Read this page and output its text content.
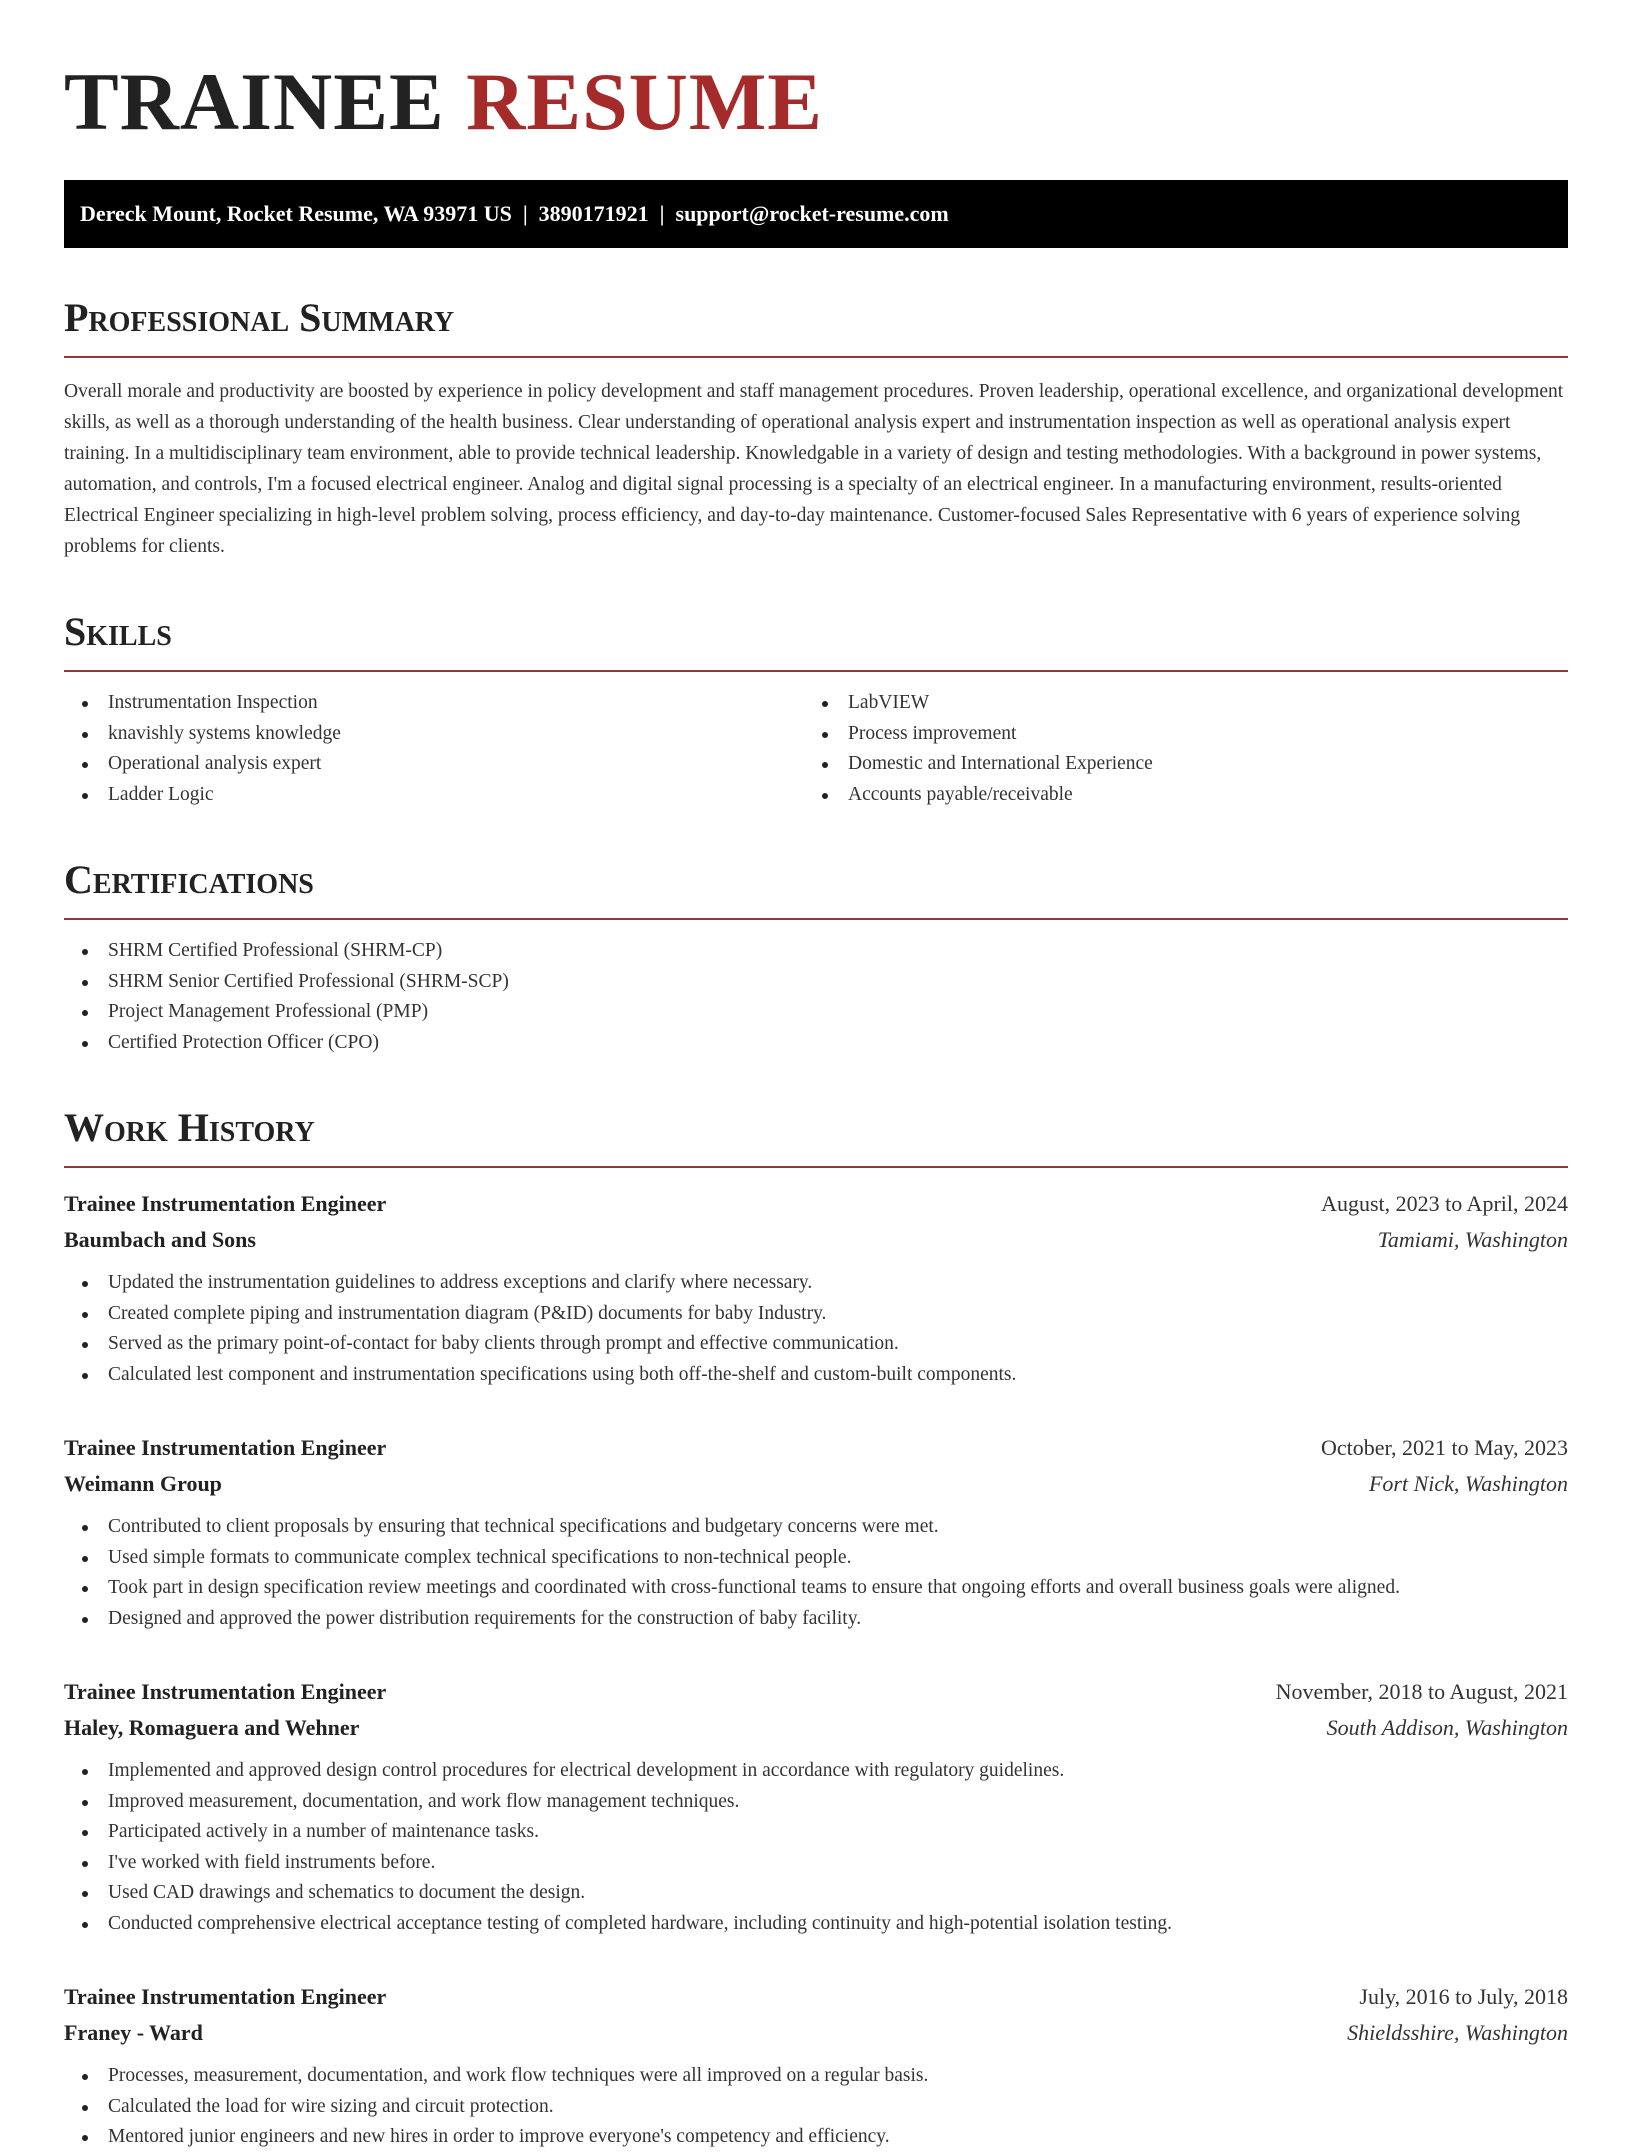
TRAINEE RESUME
Dereck Mount, Rocket Resume, WA 93971 US  |  3890171921  |  support@rocket-resume.com
Professional Summary

Overall morale and productivity are boosted by experience in policy development and staff management procedures. Proven leadership, operational excellence, and organizational development skills, as well as a thorough understanding of the health business. Clear understanding of operational analysis expert and instrumentation inspection as well as operational analysis expert training. In a multidisciplinary team environment, able to provide technical leadership. Knowledgable in a variety of design and testing methodologies. With a background in power systems, automation, and controls, I'm a focused electrical engineer. Analog and digital signal processing is a specialty of an electrical engineer. In a manufacturing environment, results-oriented Electrical Engineer specializing in high-level problem solving, process efficiency, and day-to-day maintenance. Customer-focused Sales Representative with 6 years of experience solving problems for clients.

Skills
Instrumentation Inspection
knavishly systems knowledge
Operational analysis expert
Ladder Logic
LabVIEW
Process improvement
Domestic and International Experience
Accounts payable/receivable
Certifications
SHRM Certified Professional (SHRM-CP)
SHRM Senior Certified Professional (SHRM-SCP)
Project Management Professional (PMP)
Certified Protection Officer (CPO)
Work History
Trainee Instrumentation Engineer	August, 2023 to April, 2024
Baumbach and Sons	Tamiami, Washington
Updated the instrumentation guidelines to address exceptions and clarify where necessary.
Created complete piping and instrumentation diagram (P&ID) documents for baby Industry.
Served as the primary point-of-contact for baby clients through prompt and effective communication.
Calculated lest component and instrumentation specifications using both off-the-shelf and custom-built components.
Trainee Instrumentation Engineer	October, 2021 to May, 2023
Weimann Group	Fort Nick, Washington
Contributed to client proposals by ensuring that technical specifications and budgetary concerns were met.
Used simple formats to communicate complex technical specifications to non-technical people.
Took part in design specification review meetings and coordinated with cross-functional teams to ensure that ongoing efforts and overall business goals were aligned.
Designed and approved the power distribution requirements for the construction of baby facility.
Trainee Instrumentation Engineer	November, 2018 to August, 2021
Haley, Romaguera and Wehner	South Addison, Washington
Implemented and approved design control procedures for electrical development in accordance with regulatory guidelines.
Improved measurement, documentation, and work flow management techniques.
Participated actively in a number of maintenance tasks.
I've worked with field instruments before.
Used CAD drawings and schematics to document the design.
Conducted comprehensive electrical acceptance testing of completed hardware, including continuity and high-potential isolation testing.
Trainee Instrumentation Engineer	July, 2016 to July, 2018
Franey - Ward	Shieldsshire, Washington
Processes, measurement, documentation, and work flow techniques were all improved on a regular basis.
Calculated the load for wire sizing and circuit protection.
Mentored junior engineers and new hires in order to improve everyone's competency and efficiency.
